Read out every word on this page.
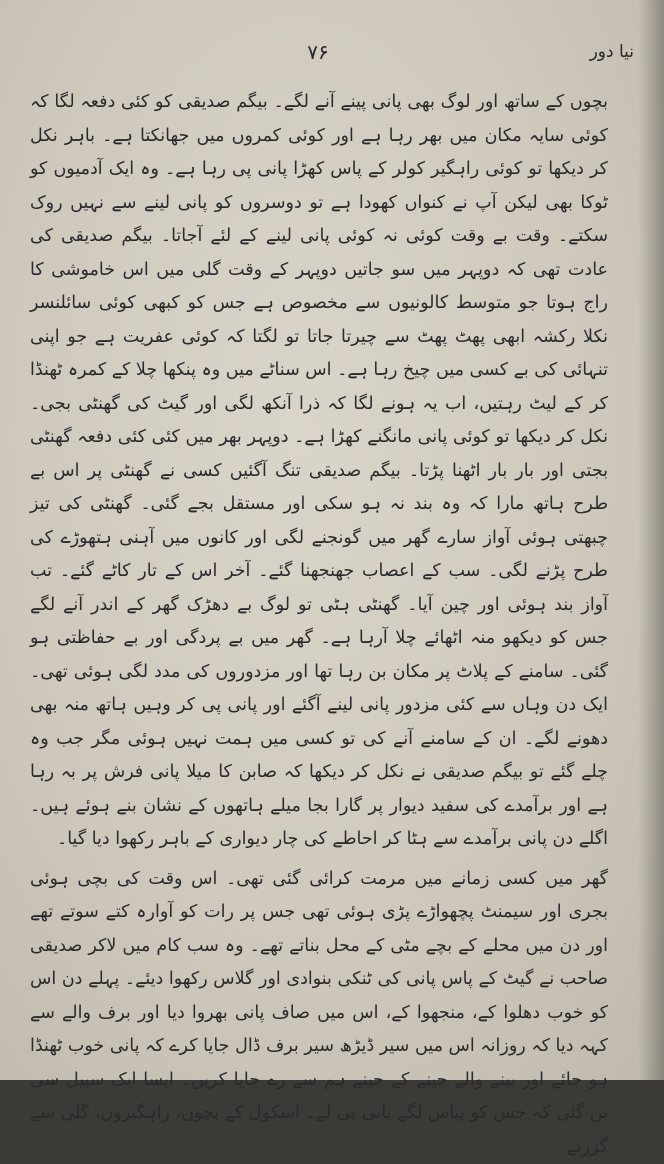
۷۶	نیا دور

بچوں کے ساتھ اور لوگ بھی پانی پینے آنے لگے۔ بیگم صدیقی کو کئی دفعہ لگا کہ کوئی سایہ مکان میں بھر رہا ہے اور کوئی کمروں میں جھانکتا ہے۔ باہر نکل کر دیکھا تو کوئی راہگیر کولر کے پاس کھڑا پانی پی رہا ہے۔ وہ ایک آدمیوں کو ٹوکا بھی لیکن آپ نے کنواں کھودا ہے تو دوسروں کو پانی لینے سے نہیں روک سکتے۔ وقت بے وقت کوئی نہ کوئی پانی لینے کے لئے آجاتا۔ بیگم صدیقی کی عادت تھی کہ دوپہر میں سو جاتیں دوپہر کے وقت گلی میں اس خاموشی کا راج ہوتا جو متوسط کالونیوں سے مخصوص ہے جس کو کبھی کوئی سائلنسر نکلا رکشہ ابھی پھٹ پھٹ سے چیرتا جاتا تو لگتا کہ کوئی عفریت ہے جو اپنی تنہائی کی بے کسی میں چیخ رہا ہے۔ اس سناٹے میں وہ پنکھا چلا کے کمرہ ٹھنڈا کر کے لیٹ رہتیں، اب یہ ہونے لگا کہ ذرا آنکھ لگی اور گیٹ کی گھنٹی بجی۔ نکل کر دیکھا تو کوئی پانی مانگنے کھڑا ہے۔ دوپہر بھر میں کئی کئی دفعہ گھنٹی بجتی اور بار بار اٹھنا پڑتا۔ بیگم صدیقی تنگ آگئیں کسی نے گھنٹی پر اس بے طرح ہاتھ مارا کہ وہ بند نہ ہو سکی اور مستقل بجے گئی۔ گھنٹی کی تیز چبھتی ہوئی آواز سارے گھر میں گونجنے لگی اور کانوں میں آہنی ہتھوڑے کی طرح پڑنے لگی۔ سب کے اعصاب جھنجھنا گئے۔ آخر اس کے تار کاٹے گئے۔ تب آواز بند ہوئی اور چین آیا۔ گھنٹی ہٹی تو لوگ بے دھڑک گھر کے اندر آنے لگے جس کو دیکھو منہ اٹھائے چلا آرہا ہے۔ گھر میں بے پردگی اور بے حفاظتی ہو گئی۔ سامنے کے پلاٹ پر مکان بن رہا تھا اور مزدوروں کی مدد لگی ہوئی تھی۔ ایک دن وہاں سے کئی مزدور پانی لینے آگئے اور پانی پی کر وہیں ہاتھ منہ بھی دھونے لگے۔ ان کے سامنے آنے کی تو کسی میں ہمت نہیں ہوئی مگر جب وہ چلے گئے تو بیگم صدیقی نے نکل کر دیکھا کہ صابن کا میلا پانی فرش پر بہ رہا ہے اور برآمدے کی سفید دیوار پر گارا بجا میلے ہاتھوں کے نشان بنے ہوئے ہیں۔ اگلے دن پانی برآمدے سے ہٹا کر احاطے کی چار دیواری کے باہر رکھوا دیا گیا۔

گھر میں کسی زمانے میں مرمت کرائی گئی تھی۔ اس وقت کی بچی ہوئی بجری اور سیمنٹ پچھواڑے پڑی ہوئی تھی جس پر رات کو آوارہ کتے سوتے تھے اور دن میں محلے کے بچے مٹی کے محل بناتے تھے۔ وہ سب کام میں لاکر صدیقی صاحب نے گیٹ کے پاس پانی کی ٹنکی بنوادی اور گلاس رکھوا دیئے۔ پہلے دن اس کو خوب دھلوا کے، منجھوا کے، اس میں صاف پانی بھروا دیا اور برف والے سے کہہ دیا کہ روزانہ اس میں سیر ڈیڑھ سیر برف ڈال جایا کرے کہ پانی خوب ٹھنڈا ہو جائے اور پینے والے جینے کے جینے ہم سے رے جایا کریں۔ ایسا ایک سبیل سی بن گئی کہ جس کو پیاس لگے پانی پی لے۔ اسکول کے بچوں، راہگیروں، گلی سے گزرنے
